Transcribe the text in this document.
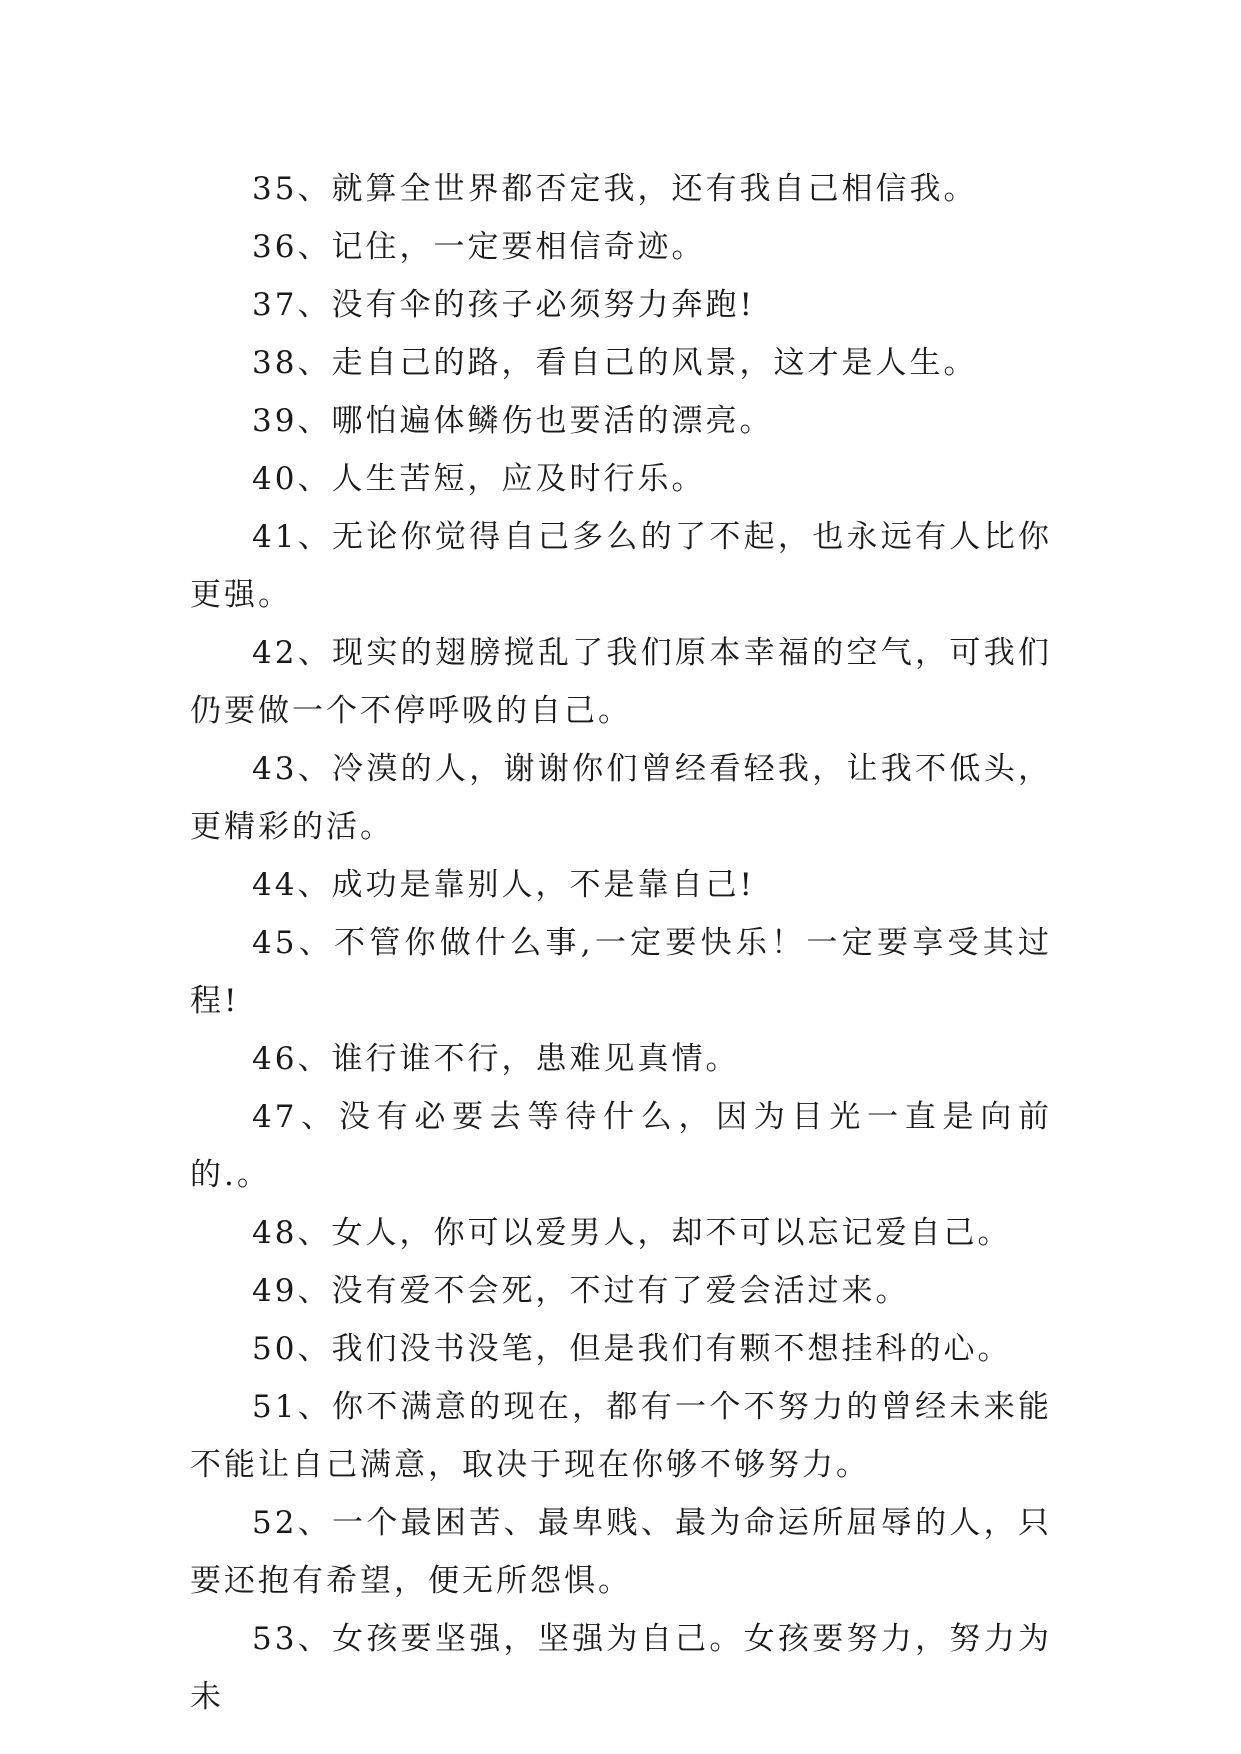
35、就算全世界都否定我，还有我自己相信我。

36、记住，一定要相信奇迹。

37、没有伞的孩子必须努力奔跑!

38、走自己的路，看自己的风景，这才是人生。

39、哪怕遍体鳞伤也要活的漂亮。

40、人生苦短，应及时行乐。

41、无论你觉得自己多么的了不起，也永远有人比你更强。

42、现实的翅膀搅乱了我们原本幸福的空气，可我们仍要做一个不停呼吸的自己。

43、冷漠的人，谢谢你们曾经看轻我，让我不低头，更精彩的活。

44、成功是靠别人，不是靠自己!

45、不管你做什么事,一定要快乐！一定要享受其过程!

46、谁行谁不行，患难见真情。

47、没有必要去等待什么，因为目光一直是向前的.。

48、女人，你可以爱男人，却不可以忘记爱自己。

49、没有爱不会死，不过有了爱会活过来。

50、我们没书没笔，但是我们有颗不想挂科的心。

51、你不满意的现在，都有一个不努力的曾经未来能不能让自己满意，取决于现在你够不够努力。

52、一个最困苦、最卑贱、最为命运所屈辱的人，只要还抱有希望，便无所怨惧。

53、女孩要坚强，坚强为自己。女孩要努力，努力为未
